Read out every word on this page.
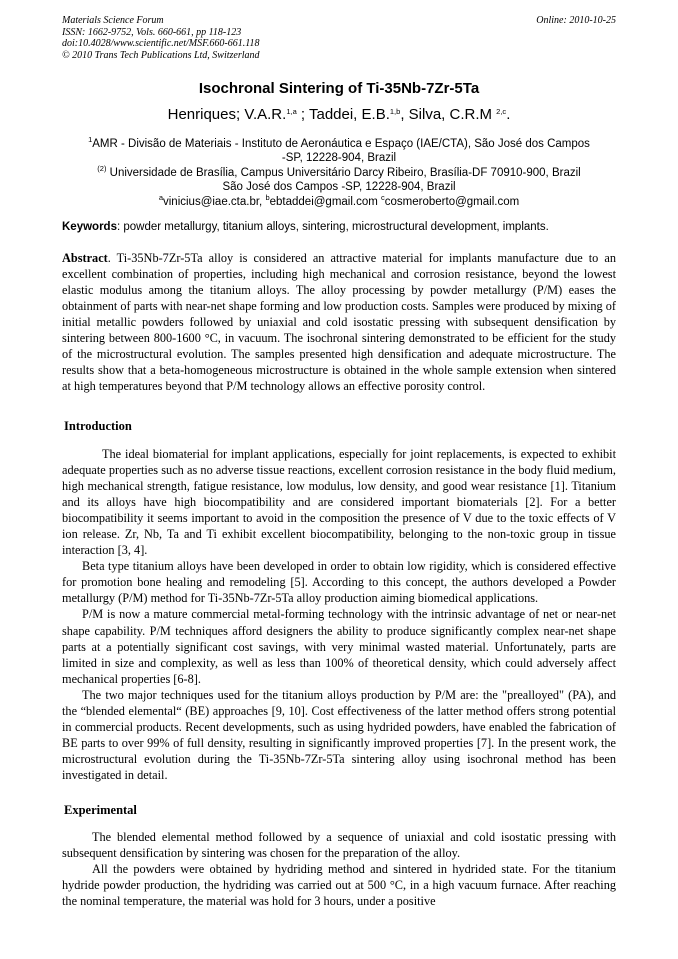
Materials Science Forum
ISSN: 1662-9752, Vols. 660-661, pp 118-123
doi:10.4028/www.scientific.net/MSF.660-661.118
© 2010 Trans Tech Publications Ltd, Switzerland
Online: 2010-10-25
Isochronal Sintering of Ti-35Nb-7Zr-5Ta
Henriques; V.A.R.$^{1,a}$ ; Taddei, E.B.$^{1,b}$, Silva, C.R.M $^{2,c}$.
$^1$AMR - Divisão de Materiais - Instituto de Aeronáutica e Espaço (IAE/CTA), São José dos Campos
-SP, 12228-904, Brazil
$^{(2)}$ Universidade de Brasília, Campus Universitário Darcy Ribeiro, Brasília-DF 70910-900, Brazil
São José dos Campos -SP, 12228-904, Brazil
$^a$vinicius@iae.cta.br, $^b$ebtaddei@gmail.com $^c$cosmeroberto@gmail.com
Keywords: powder metallurgy, titanium alloys, sintering, microstructural development, implants.

Abstract. Ti-35Nb-7Zr-5Ta alloy is considered an attractive material for implants manufacture due to an excellent combination of properties, including high mechanical and corrosion resistance, beyond the lowest elastic modulus among the titanium alloys. The alloy processing by powder metallurgy (P/M) eases the obtainment of parts with near-net shape forming and low production costs. Samples were produced by mixing of initial metallic powders followed by uniaxial and cold isostatic pressing with subsequent densification by sintering between 800-1600 °C, in vacuum. The isochronal sintering demonstrated to be efficient for the study of the microstructural evolution. The samples presented high densification and adequate microstructure. The results show that a beta-homogeneous microstructure is obtained in the whole sample extension when sintered at high temperatures beyond that P/M technology allows an effective porosity control.

Introduction

The ideal biomaterial for implant applications, especially for joint replacements, is expected to exhibit adequate properties such as no adverse tissue reactions, excellent corrosion resistance in the body fluid medium, high mechanical strength, fatigue resistance, low modulus, low density, and good wear resistance [1]. Titanium and its alloys have high biocompatibility and are considered important biomaterials [2]. For a better biocompatibility it seems important to avoid in the composition the presence of V due to the toxic effects of V ion release. Zr, Nb, Ta and Ti exhibit excellent biocompatibility, belonging to the non-toxic group in tissue interaction [3, 4].

Beta type titanium alloys have been developed in order to obtain low rigidity, which is considered effective for promotion bone healing and remodeling [5]. According to this concept, the authors developed a Powder metallurgy (P/M) method for Ti-35Nb-7Zr-5Ta alloy production aiming biomedical applications.

P/M is now a mature commercial metal-forming technology with the intrinsic advantage of net or near-net shape capability. P/M techniques afford designers the ability to produce significantly complex near-net shape parts at a potentially significant cost savings, with very minimal wasted material. Unfortunately, parts are limited in size and complexity, as well as less than 100% of theoretical density, which could adversely affect mechanical properties [6-8].

The two major techniques used for the titanium alloys production by P/M are: the "prealloyed" (PA), and the “blended elemental“ (BE) approaches [9, 10]. Cost effectiveness of the latter method offers strong potential in commercial products. Recent developments, such as using hydrided powders, have enabled the fabrication of BE parts to over 99% of full density, resulting in significantly improved properties [7]. In the present work, the microstructural evolution during the Ti-35Nb-7Zr-5Ta sintering alloy using isochronal method has been investigated in detail.

Experimental

The blended elemental method followed by a sequence of uniaxial and cold isostatic pressing with subsequent densification by sintering was chosen for the preparation of the alloy.

All the powders were obtained by hydriding method and sintered in hydrided state. For the titanium hydride powder production, the hydriding was carried out at 500 °C, in a high vacuum furnace. After reaching the nominal temperature, the material was hold for 3 hours, under a positive
